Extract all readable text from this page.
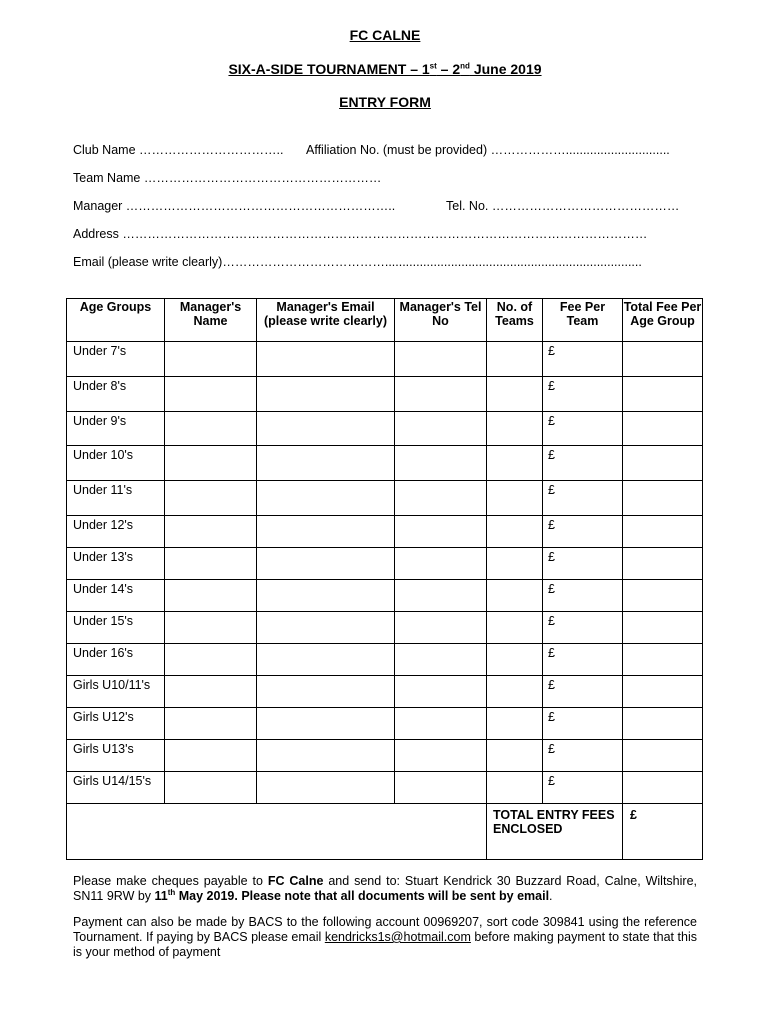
FC CALNE
SIX-A-SIDE TOURNAMENT – 1st – 2nd June 2019
ENTRY FORM
Club Name …………………………….. Affiliation No. (must be provided) ………………..............................
Team Name …………………………………………………
Manager ………………………………………………………..	Tel. No. ………………………………………
Address ………………………………………………………………………………………………………………
Email (please write clearly)…………………………………..........................................................................
Age Groups	Manager's Name	Manager's Email (please write clearly)	Manager's Tel No	No. of Teams	Fee Per Team	Total Fee Per Age Group
Under 7's					£	
Under 8's					£	
Under 9's					£	
Under 10's					£	
Under 11's					£	
Under 12's					£	
Under 13's					£	
Under 14's					£	
Under 15's					£	
Under 16's					£	
Girls U10/11's					£	
Girls U12's					£	
Girls U13's					£	
Girls U14/15's					£	
				TOTAL ENTRY FEES ENCLOSED		£
Please make cheques payable to FC Calne and send to: Stuart Kendrick 30 Buzzard Road, Calne, Wiltshire, SN11 9RW by 11th May 2019. Please note that all documents will be sent by email.
Payment can also be made by BACS to the following account 00969207, sort code 309841 using the reference Tournament. If paying by BACS please email kendricks1s@hotmail.com before making payment to state that this is your method of payment
